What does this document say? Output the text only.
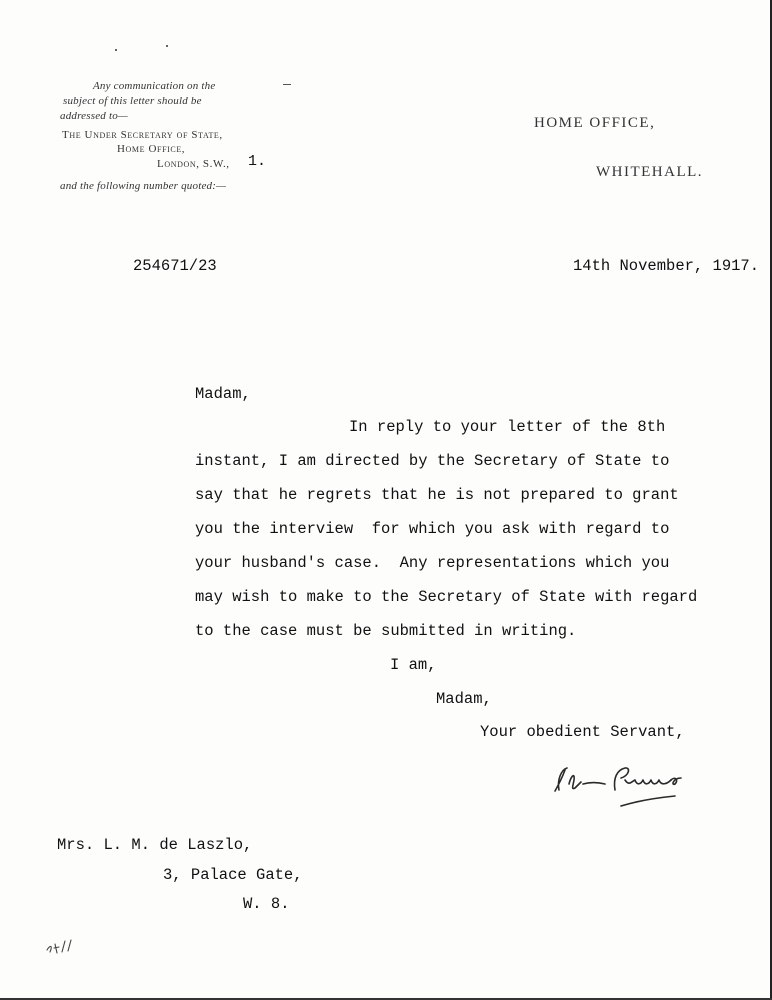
Any communication on the
subject of this letter should be
addressed to—
The Under Secretary of State,
Home Office,
London, S.W., 1.
and the following number quoted:—
HOME OFFICE,
WHITEHALL.
254671/23	14th November, 1917.
Madam,
In reply to your letter of the 8th
instant, I am directed by the Secretary of State to
say that he regrets that he is not prepared to grant
you the interview  for which you ask with regard to
your husband's case.  Any representations which you
may wish to make to the Secretary of State with regard
to the case must be submitted in writing.
I am,
Madam,
Your obedient Servant,
Mrs. L. M. de Laszlo,
3, Palace Gate,
W. 8.
